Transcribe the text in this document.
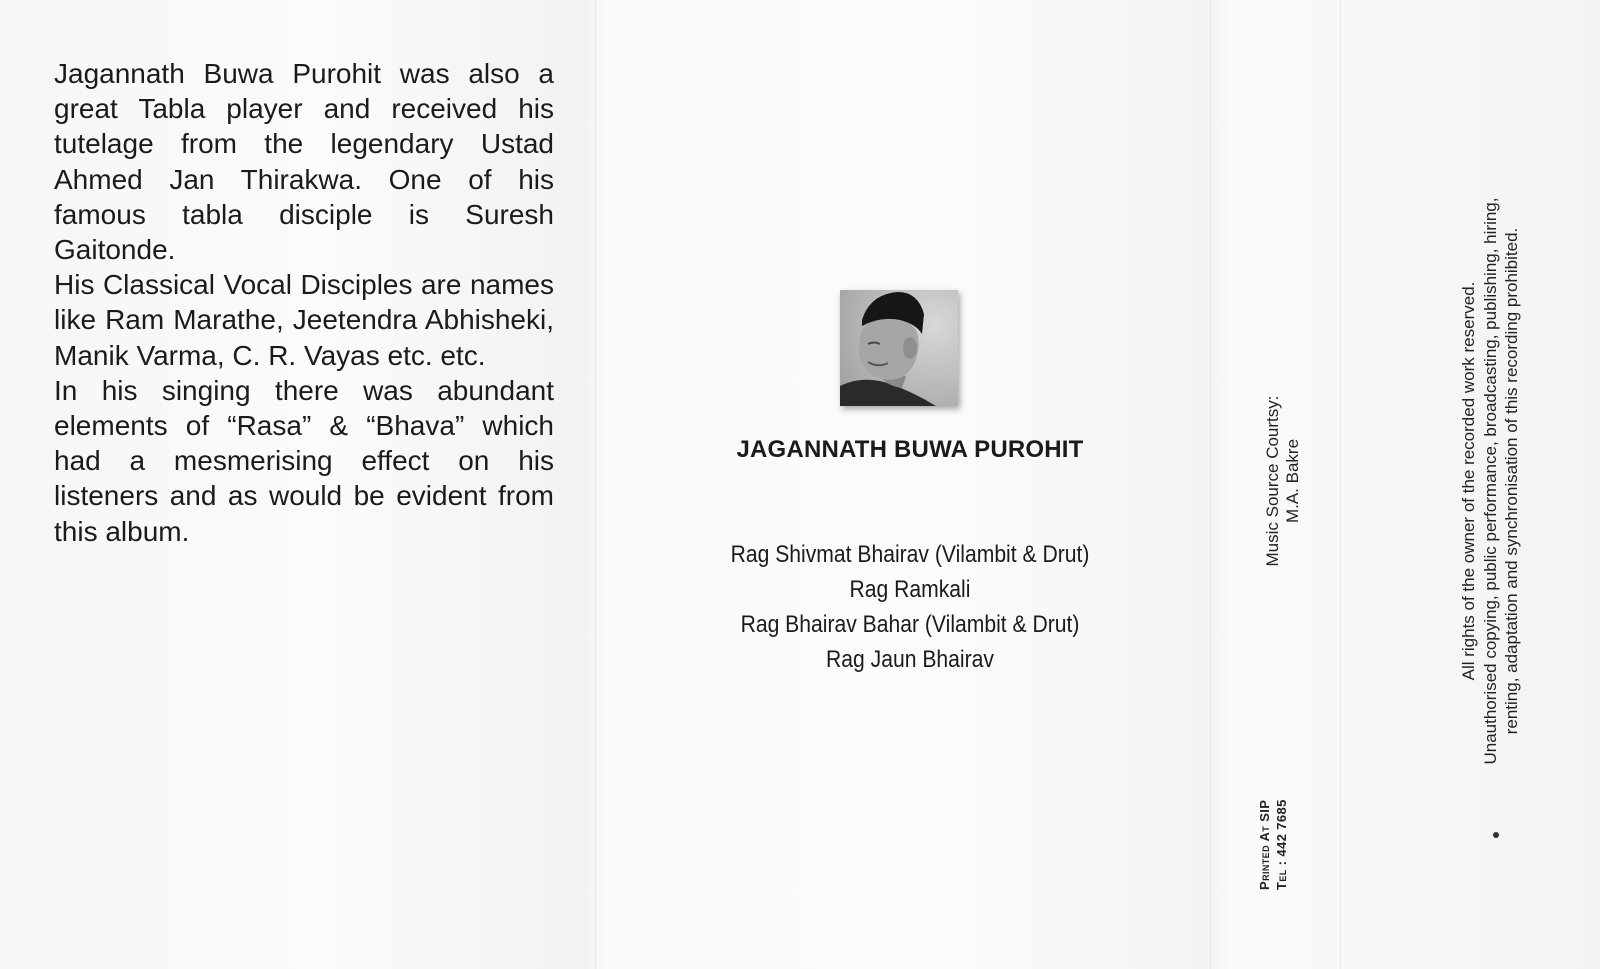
Jagannath Buwa Purohit was also a great Tabla player and received his tutelage from the legendary Ustad Ahmed Jan Thirakwa. One of his famous tabla disciple is Suresh Gaitonde.

His Classical Vocal Disciples are names like Ram Marathe, Jeetendra Abhisheki, Manik Varma, C. R. Vayas etc. etc.

In his singing there was abundant elements of “Rasa” & “Bhava” which had a mesmerising effect on his listeners and as would be evident from this album.

JAGANNATH BUWA PUROHIT
Rag Shivmat Bhairav (Vilambit & Drut)
Rag Ramkali
Rag Bhairav Bahar (Vilambit & Drut)
Rag Jaun Bhairav
Music Source Courtsy: M.A. Bakre
Printed At SIP Tel : 442 7685
All rights of the owner of the recorded work reserved. Unauthorised copying, public performance, broadcasting, publishing, hiring, renting, adaptation and synchronisation of this recording prohibited.
